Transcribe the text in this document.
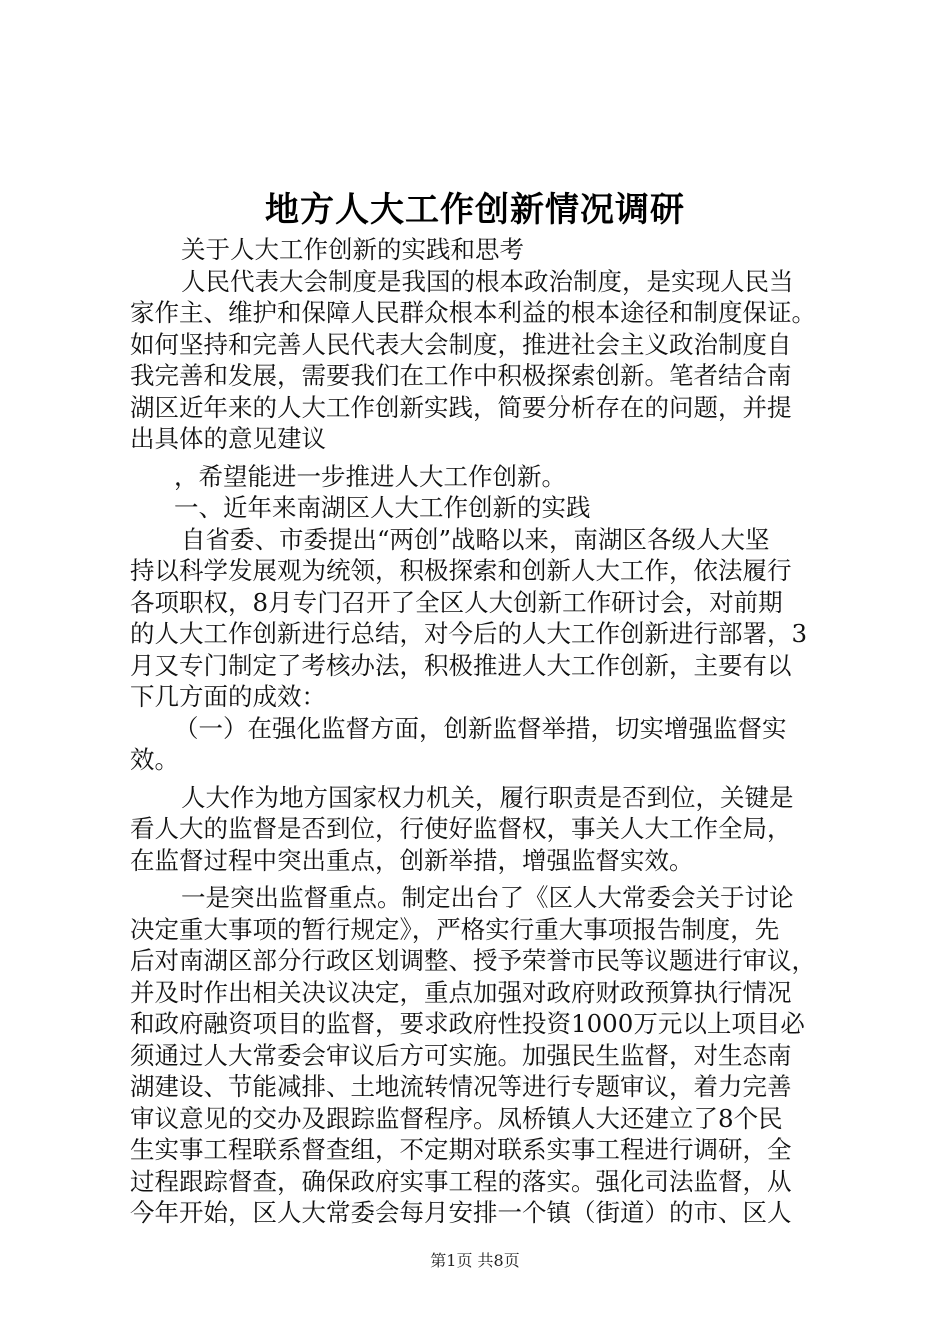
地方人大工作创新情况调研
关于人大工作创新的实践和思考
人民代表大会制度是我国的根本政治制度，是实现人民当
家作主、维护和保障人民群众根本利益的根本途径和制度保证。
如何坚持和完善人民代表大会制度，推进社会主义政治制度自
我完善和发展，需要我们在工作中积极探索创新。笔者结合南
湖区近年来的人大工作创新实践，简要分析存在的问题，并提
出具体的意见建议
，希望能进一步推进人大工作创新。
一、近年来南湖区人大工作创新的实践
自省委、市委提出“两创”战略以来，南湖区各级人大坚
持以科学发展观为统领，积极探索和创新人大工作，依法履行
各项职权，8月专门召开了全区人大创新工作研讨会，对前期
的人大工作创新进行总结，对今后的人大工作创新进行部署，3
月又专门制定了考核办法，积极推进人大工作创新，主要有以
下几方面的成效：
（一）在强化监督方面，创新监督举措，切实增强监督实
效。
人大作为地方国家权力机关，履行职责是否到位，关键是
看人大的监督是否到位，行使好监督权，事关人大工作全局，
在监督过程中突出重点，创新举措，增强监督实效。
一是突出监督重点。制定出台了《区人大常委会关于讨论
决定重大事项的暂行规定》，严格实行重大事项报告制度，先
后对南湖区部分行政区划调整、授予荣誉市民等议题进行审议，
并及时作出相关决议决定，重点加强对政府财政预算执行情况
和政府融资项目的监督，要求政府性投资1000万元以上项目必
须通过人大常委会审议后方可实施。加强民生监督，对生态南
湖建设、节能减排、土地流转情况等进行专题审议，着力完善
审议意见的交办及跟踪监督程序。凤桥镇人大还建立了8个民
生实事工程联系督查组，不定期对联系实事工程进行调研，全
过程跟踪督查，确保政府实事工程的落实。强化司法监督，从
今年开始，区人大常委会每月安排一个镇（街道）的市、区人
第1页 共8页
